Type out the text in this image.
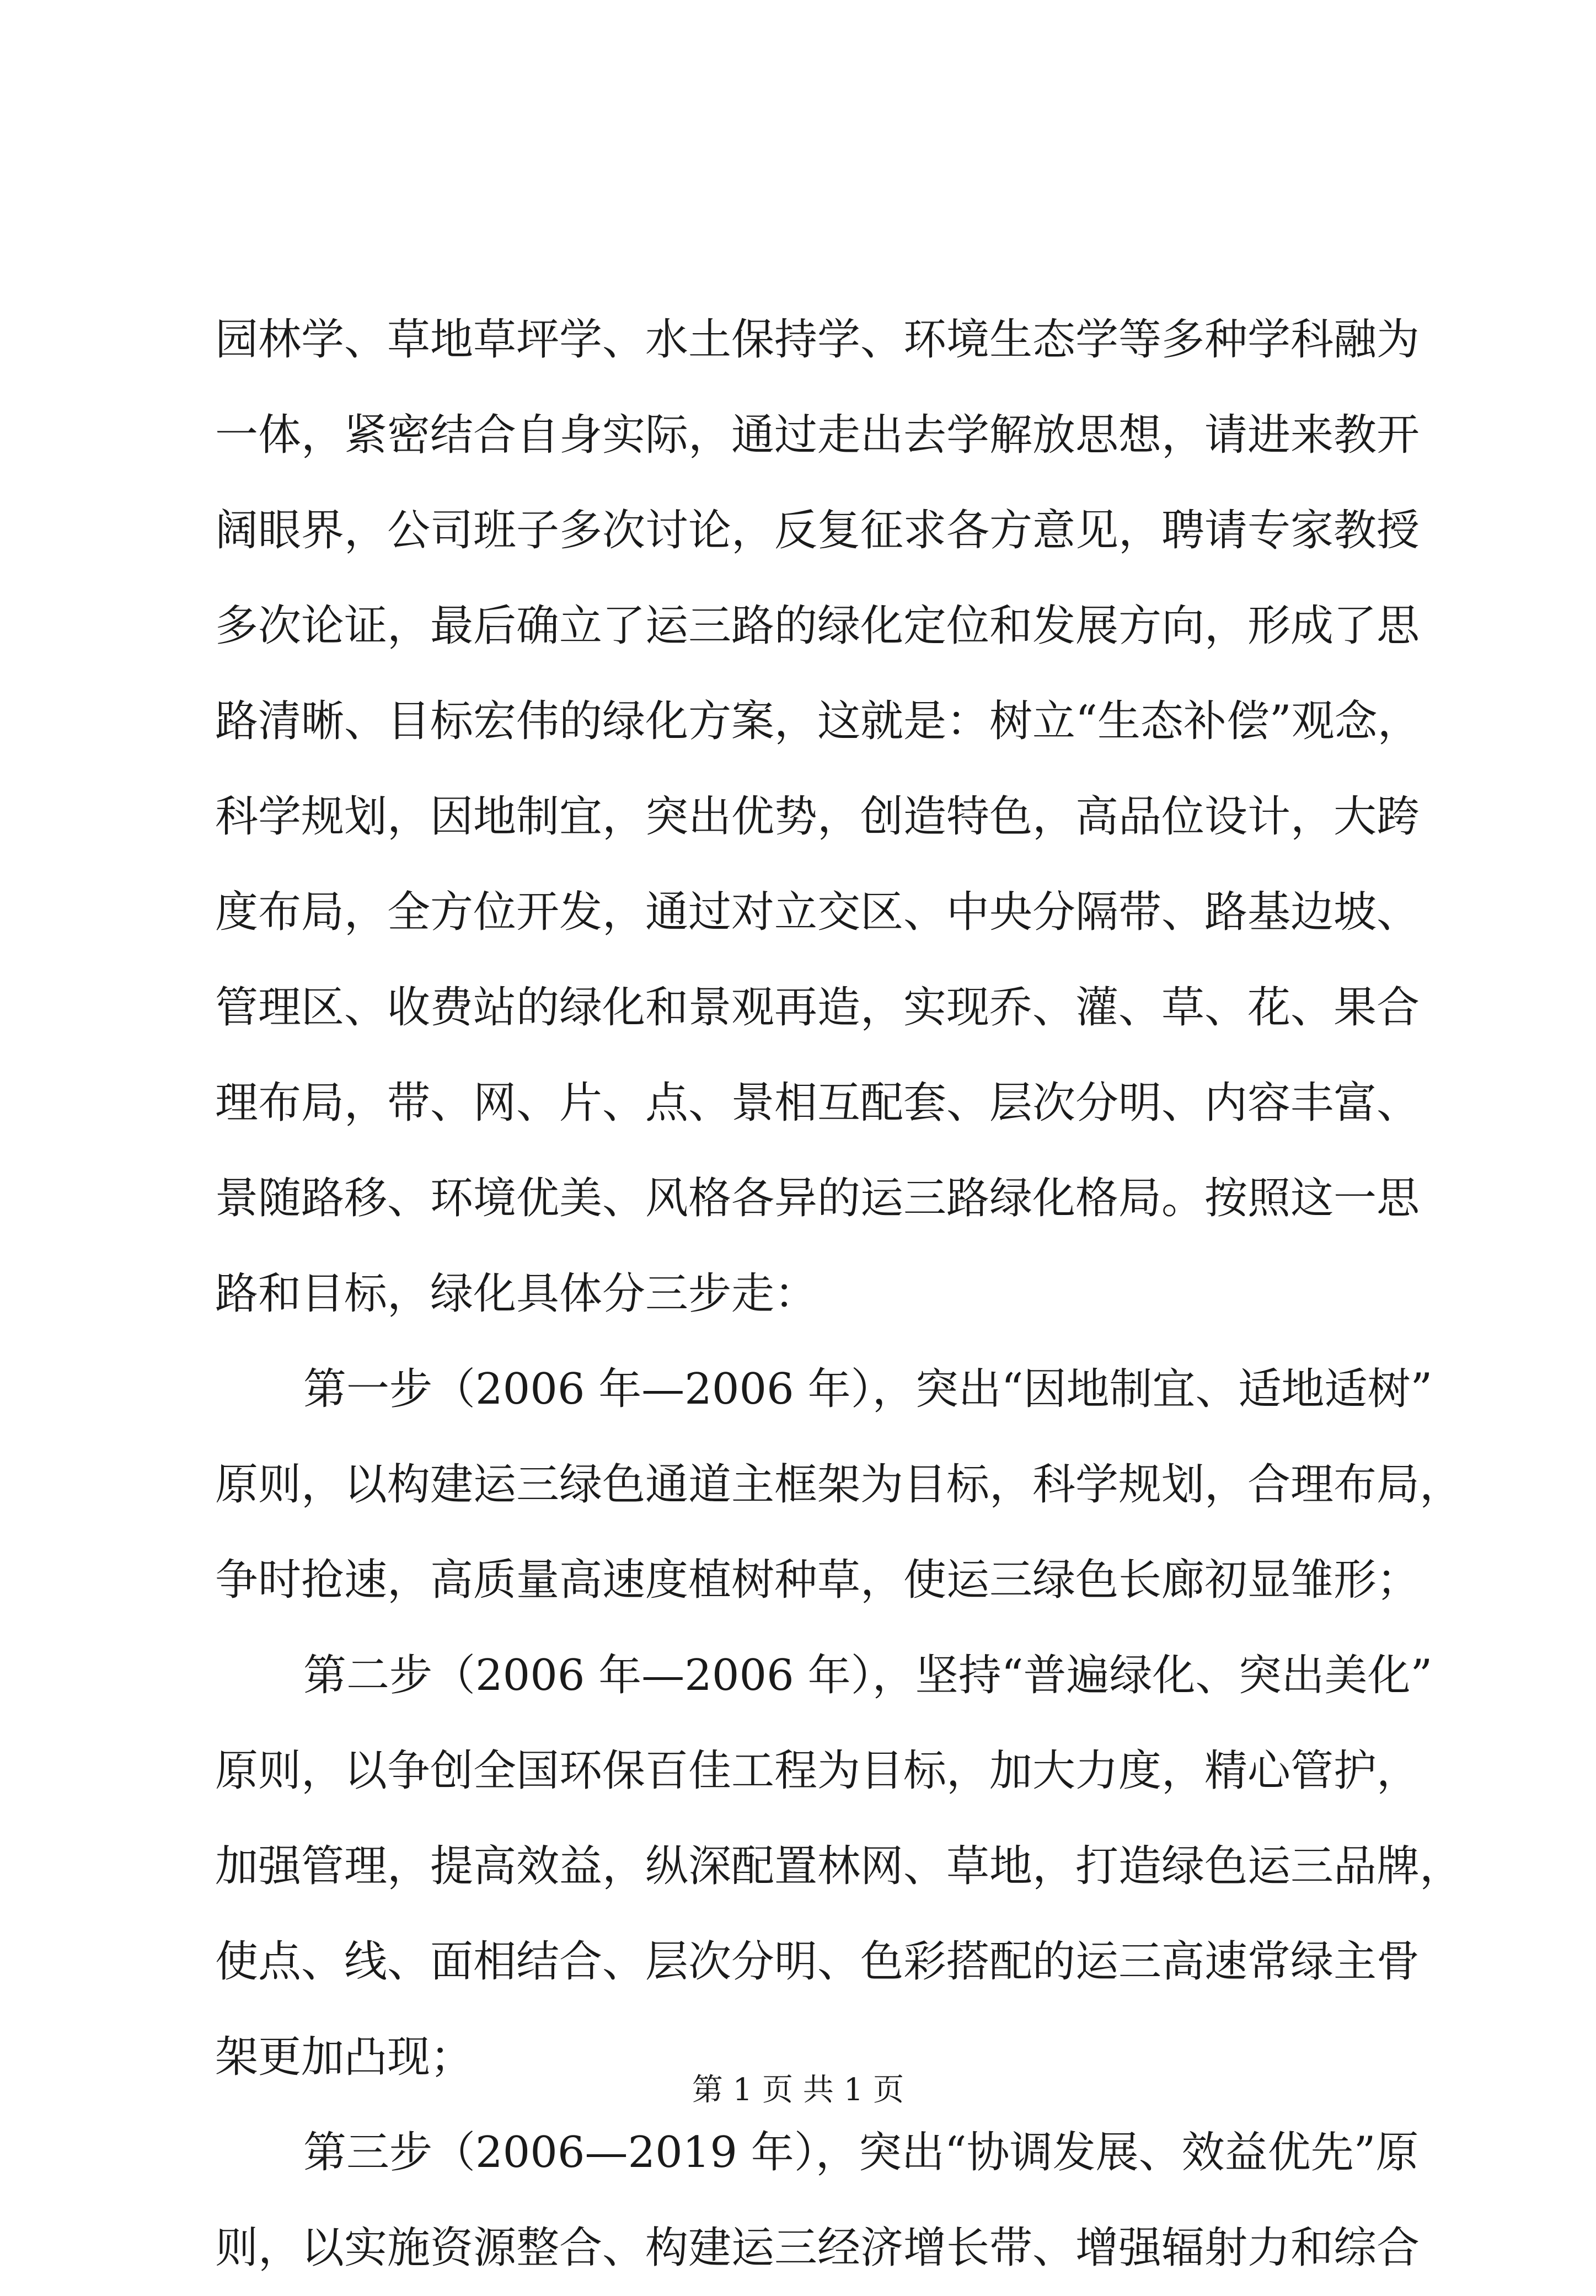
园林学、草地草坪学、水土保持学、环境生态学等多种学科融为
一体，紧密结合自身实际，通过走出去学解放思想，请进来教开
阔眼界，公司班子多次讨论，反复征求各方意见，聘请专家教授
多次论证，最后确立了运三路的绿化定位和发展方向，形成了思
路清晰、目标宏伟的绿化方案，这就是：树立“生态补偿”观念，
科学规划，因地制宜，突出优势，创造特色，高品位设计，大跨
度布局，全方位开发，通过对立交区、中央分隔带、路基边坡、
管理区、收费站的绿化和景观再造，实现乔、灌、草、花、果合
理布局，带、网、片、点、景相互配套、层次分明、内容丰富、
景随路移、环境优美、风格各异的运三路绿化格局。按照这一思
路和目标，绿化具体分三步走：
第一步（2006 年—2006 年），突出“因地制宜、适地适树”
原则，以构建运三绿色通道主框架为目标，科学规划，合理布局，
争时抢速，高质量高速度植树种草，使运三绿色长廊初显雏形；
第二步（2006 年—2006 年），坚持“普遍绿化、突出美化”
原则，以争创全国环保百佳工程为目标，加大力度，精心管护，
加强管理，提高效益，纵深配置林网、草地，打造绿色运三品牌，
使点、线、面相结合、层次分明、色彩搭配的运三高速常绿主骨
架更加凸现；
第三步（2006—2019 年），突出“协调发展、效益优先”原
则，以实施资源整合、构建运三经济增长带、增强辐射力和综合
第 1 页 共 1 页
